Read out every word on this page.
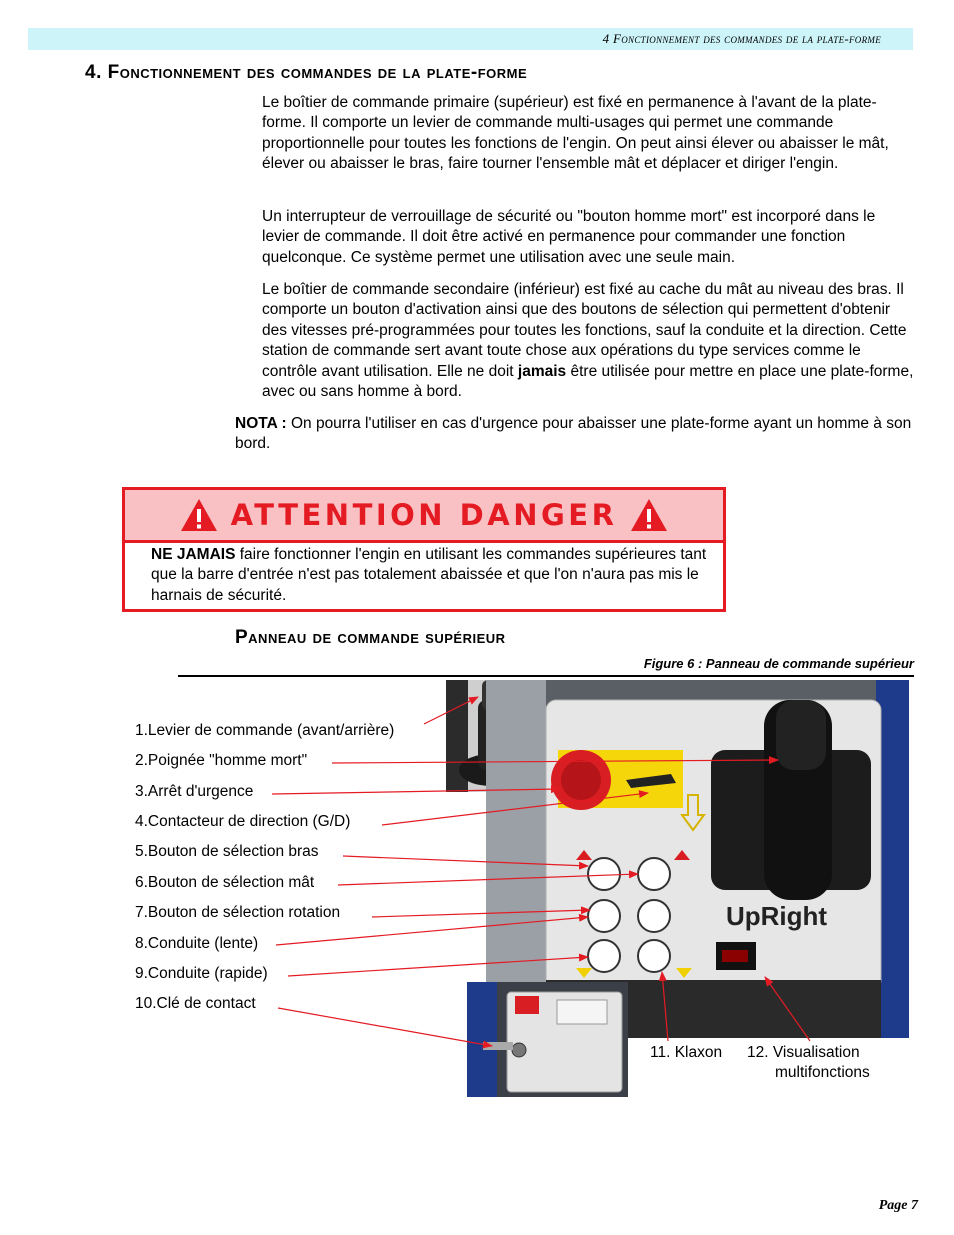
4 Fonctionnement des commandes de la plate-forme
4. Fonctionnement des commandes de la plate-forme
Le boîtier de commande primaire (supérieur) est fixé en permanence à l'avant de la plate-forme. Il comporte un levier de commande multi-usages qui permet une commande proportionnelle pour toutes les fonctions de l'engin. On peut ainsi élever ou abaisser le mât, élever ou abaisser le bras, faire tourner l'ensemble mât et déplacer et diriger l'engin.
Un interrupteur de verrouillage de sécurité ou "bouton homme mort" est incorporé dans le levier de commande. Il doit être activé en permanence pour commander une fonction quelconque. Ce système permet une utilisation avec une seule main.
Le boîtier de commande secondaire (inférieur) est fixé au cache du mât au niveau des bras. Il comporte un bouton d'activation ainsi que des boutons de sélection qui permettent d'obtenir des vitesses pré-programmées pour toutes les fonctions, sauf la conduite et la direction. Cette station de commande sert avant toute chose aux opérations du type services comme le contrôle avant utilisation. Elle ne doit jamais être utilisée pour mettre en place une plate-forme, avec ou sans homme à bord.
NOTA : On pourra l'utiliser en cas d'urgence pour abaisser une plate-forme ayant un homme à son bord.
ATTENTION DANGER
NE JAMAIS faire fonctionner l'engin en utilisant les commandes supérieures tant que la barre d'entrée n'est pas totalement abaissée et que l'on n'aura pas mis le harnais de sécurité.
Panneau de commande supérieur
Figure 6 : Panneau de commande supérieur
UpRight
1.Levier de commande (avant/arrière)
2.Poignée "homme mort"
3.Arrêt d'urgence
4.Contacteur de direction (G/D)
5.Bouton de sélection bras
6.Bouton de sélection mât
7.Bouton de sélection rotation
8.Conduite (lente)
9.Conduite (rapide)
10.Clé de contact
11. Klaxon 12. Visualisation
multifonctions
Page 7
